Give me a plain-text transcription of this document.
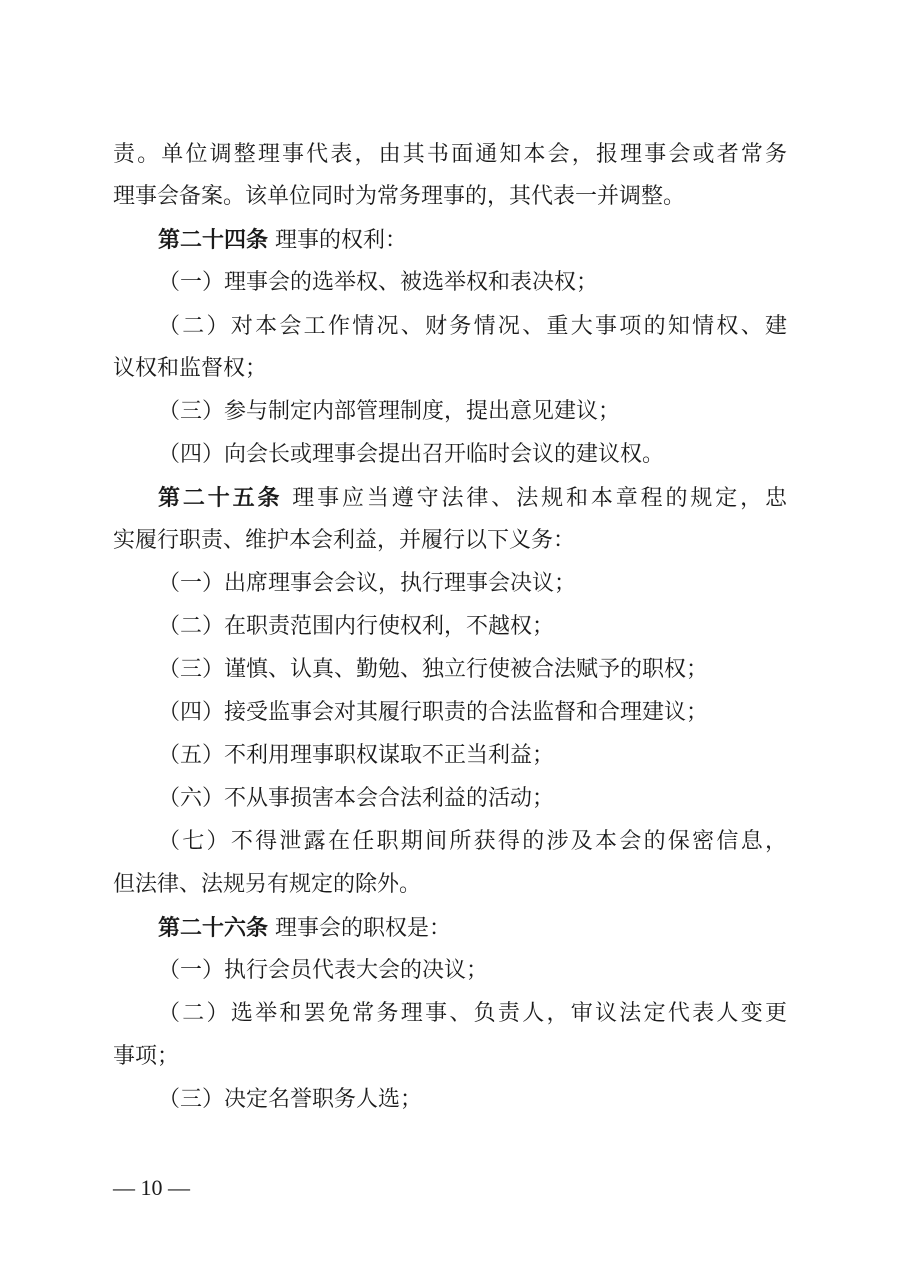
责。单位调整理事代表，由其书面通知本会，报理事会或者常务
理事会备案。该单位同时为常务理事的，其代表一并调整。
第二十四条 理事的权利：
（一）理事会的选举权、被选举权和表决权；
（二）对本会工作情况、财务情况、重大事项的知情权、建
议权和监督权；
（三）参与制定内部管理制度，提出意见建议；
（四）向会长或理事会提出召开临时会议的建议权。
第二十五条 理事应当遵守法律、法规和本章程的规定，忠
实履行职责、维护本会利益，并履行以下义务：
（一）出席理事会会议，执行理事会决议；
（二）在职责范围内行使权利，不越权；
（三）谨慎、认真、勤勉、独立行使被合法赋予的职权；
（四）接受监事会对其履行职责的合法监督和合理建议；
（五）不利用理事职权谋取不正当利益；
（六）不从事损害本会合法利益的活动；
（七）不得泄露在任职期间所获得的涉及本会的保密信息，
但法律、法规另有规定的除外。
第二十六条 理事会的职权是：
（一）执行会员代表大会的决议；
（二）选举和罢免常务理事、负责人，审议法定代表人变更
事项；
（三）决定名誉职务人选；
— 10 —
